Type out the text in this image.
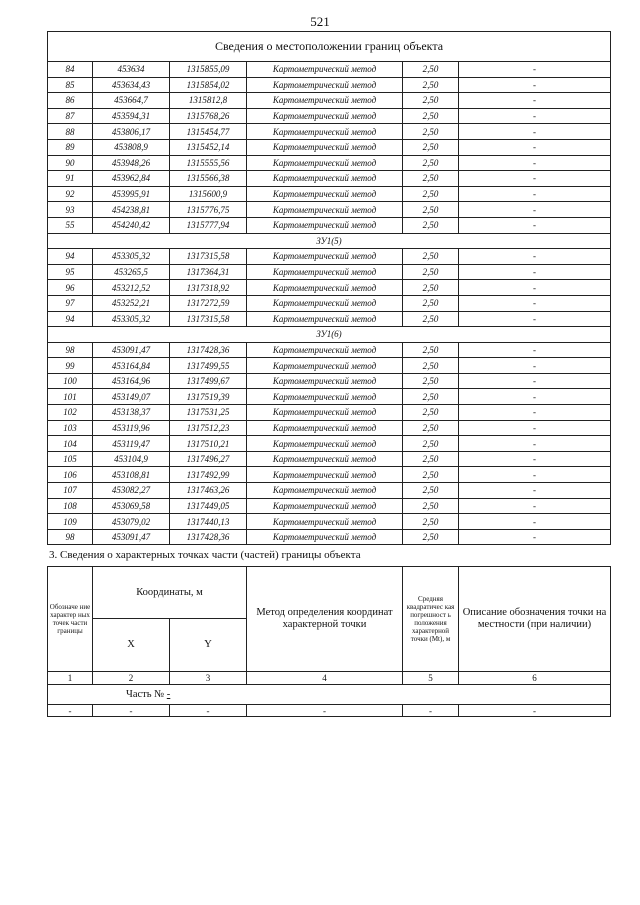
521
Сведения о местоположении границ объекта					
84	453634	1315855,09	Картометрический метод	2,50	-
85	453634,43	1315854,02	Картометрический метод	2,50	-
86	453664,7	1315812,8	Картометрический метод	2,50	-
87	453594,31	1315768,26	Картометрический метод	2,50	-
88	453806,17	1315454,77	Картометрический метод	2,50	-
89	453808,9	1315452,14	Картометрический метод	2,50	-
90	453948,26	1315555,56	Картометрический метод	2,50	-
91	453962,84	1315566,38	Картометрический метод	2,50	-
92	453995,91	1315600,9	Картометрический метод	2,50	-
93	454238,81	1315776,75	Картометрический метод	2,50	-
55	454240,42	1315777,94	Картометрический метод	2,50	-
ЗУ1(5)					
94	453305,32	1317315,58	Картометрический метод	2,50	-
95	453265,5	1317364,31	Картометрический метод	2,50	-
96	453212,52	1317318,92	Картометрический метод	2,50	-
97	453252,21	1317272,59	Картометрический метод	2,50	-
94	453305,32	1317315,58	Картометрический метод	2,50	-
ЗУ1(6)					
98	453091,47	1317428,36	Картометрический метод	2,50	-
99	453164,84	1317499,55	Картометрический метод	2,50	-
100	453164,96	1317499,67	Картометрический метод	2,50	-
101	453149,07	1317519,39	Картометрический метод	2,50	-
102	453138,37	1317531,25	Картометрический метод	2,50	-
103	453119,96	1317512,23	Картометрический метод	2,50	-
104	453119,47	1317510,21	Картометрический метод	2,50	-
105	453104,9	1317496,27	Картометрический метод	2,50	-
106	453108,81	1317492,99	Картометрический метод	2,50	-
107	453082,27	1317463,26	Картометрический метод	2,50	-
108	453069,58	1317449,05	Картометрический метод	2,50	-
109	453079,02	1317440,13	Картометрический метод	2,50	-
98	453091,47	1317428,36	Картометрический метод	2,50	-
3. Сведения о характерных точках части (частей) границы объекта
Обозначе ние характер ных точек части границы	Координаты, м		Метод определения координат характерной точки	Средняя квадратичес кая погрешност ь положения характерной точки (Mt), м	Описание обозначения точки на местности (при наличии)
	X	Y			
1	2	3	4	5	6
Часть № -					
-	-	-	-	-	-
